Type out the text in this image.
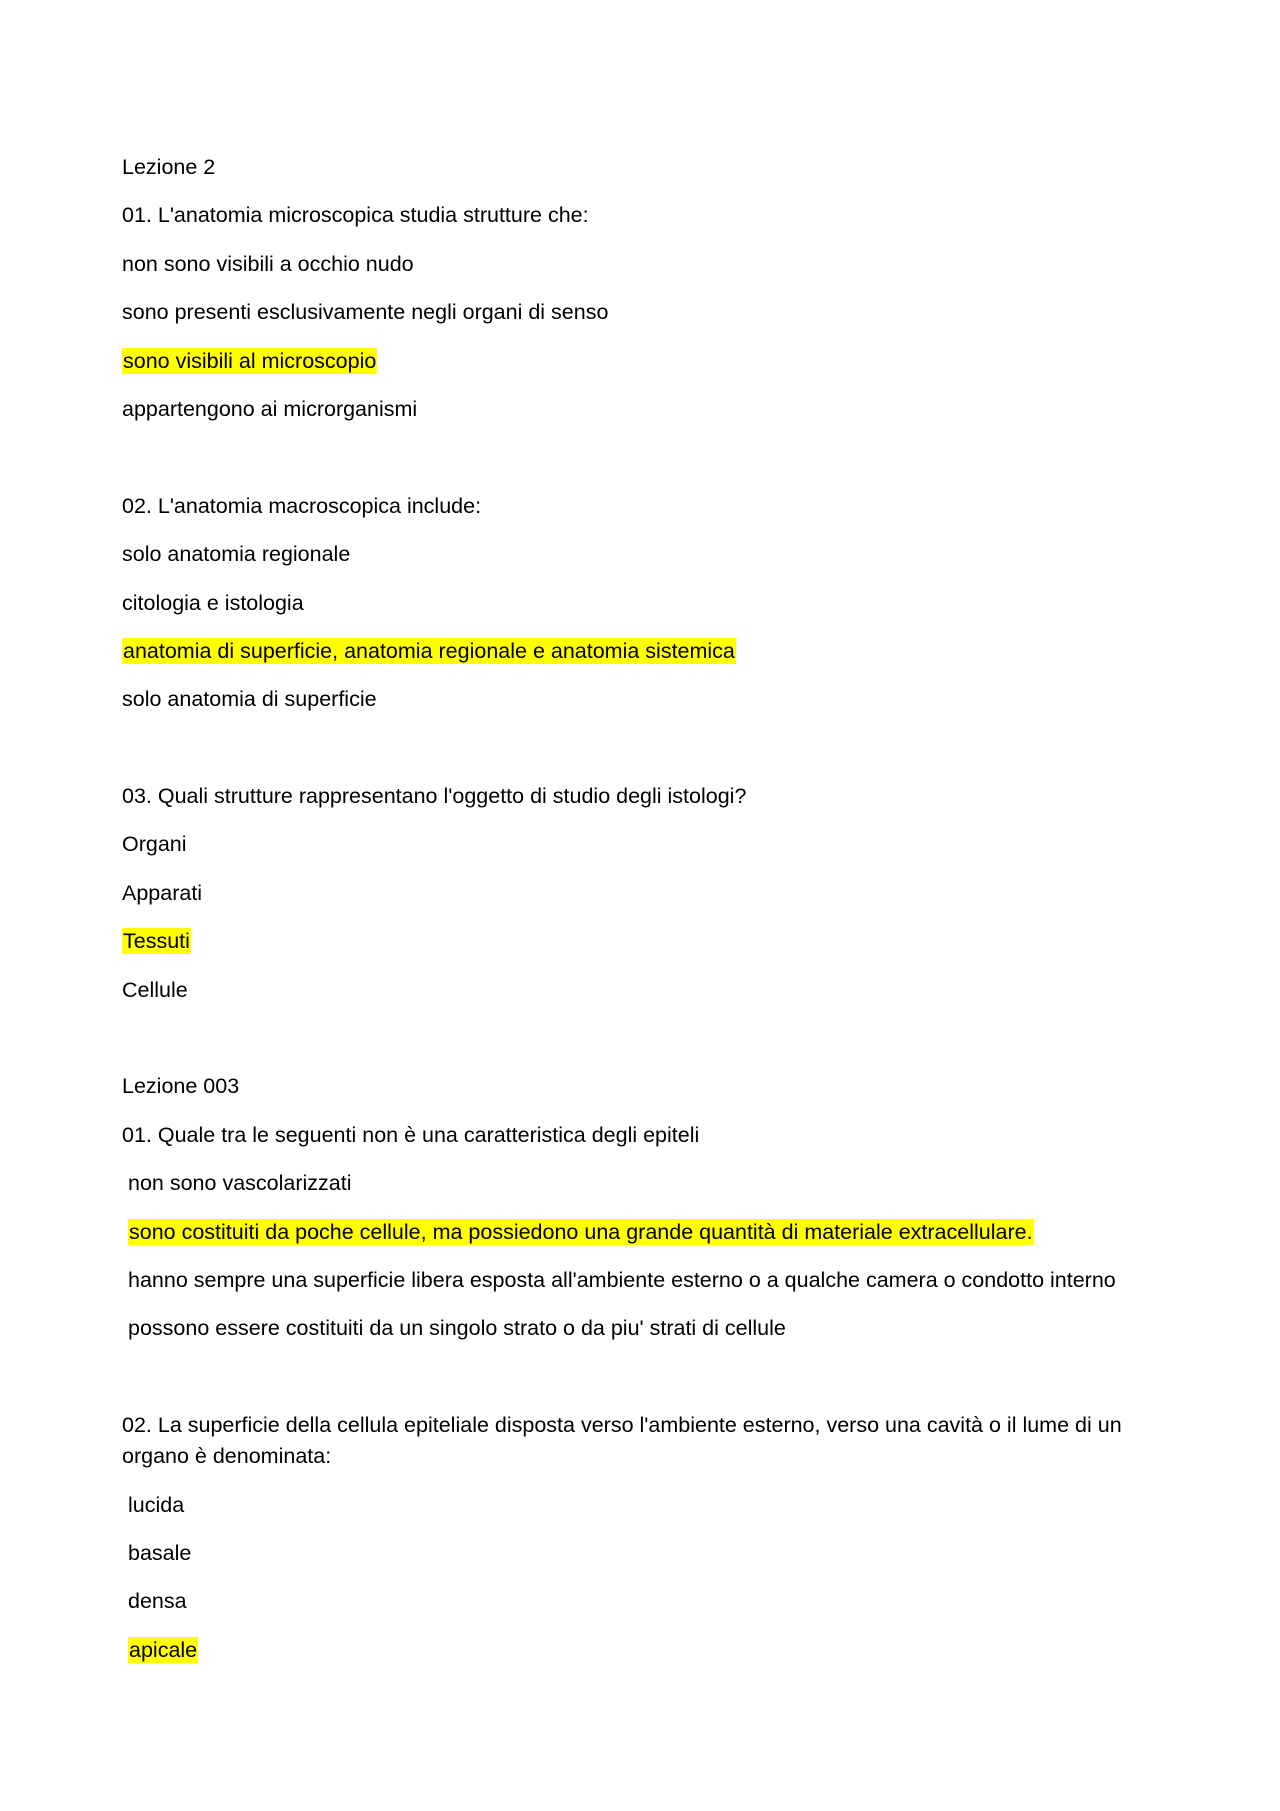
Lezione 2
01. L'anatomia microscopica studia strutture che:
non sono visibili a occhio nudo
sono presenti esclusivamente negli organi di senso
sono visibili al microscopio
appartengono ai microrganismi
02. L'anatomia macroscopica include:
solo anatomia regionale
citologia e istologia
anatomia di superficie, anatomia regionale e anatomia sistemica
solo anatomia di superficie
03. Quali strutture rappresentano l'oggetto di studio degli istologi?
Organi
Apparati
Tessuti
Cellule
Lezione 003
01. Quale tra le seguenti non è una caratteristica degli epiteli
non sono vascolarizzati
sono costituiti da poche cellule, ma possiedono una grande quantità di materiale extracellulare.
hanno sempre una superficie libera esposta all'ambiente esterno o a qualche camera o condotto interno
possono essere costituiti da un singolo strato o da piu' strati di cellule
02. La superficie della cellula epiteliale disposta verso l'ambiente esterno, verso una cavità o il lume di un organo è denominata:
lucida
basale
densa
apicale
